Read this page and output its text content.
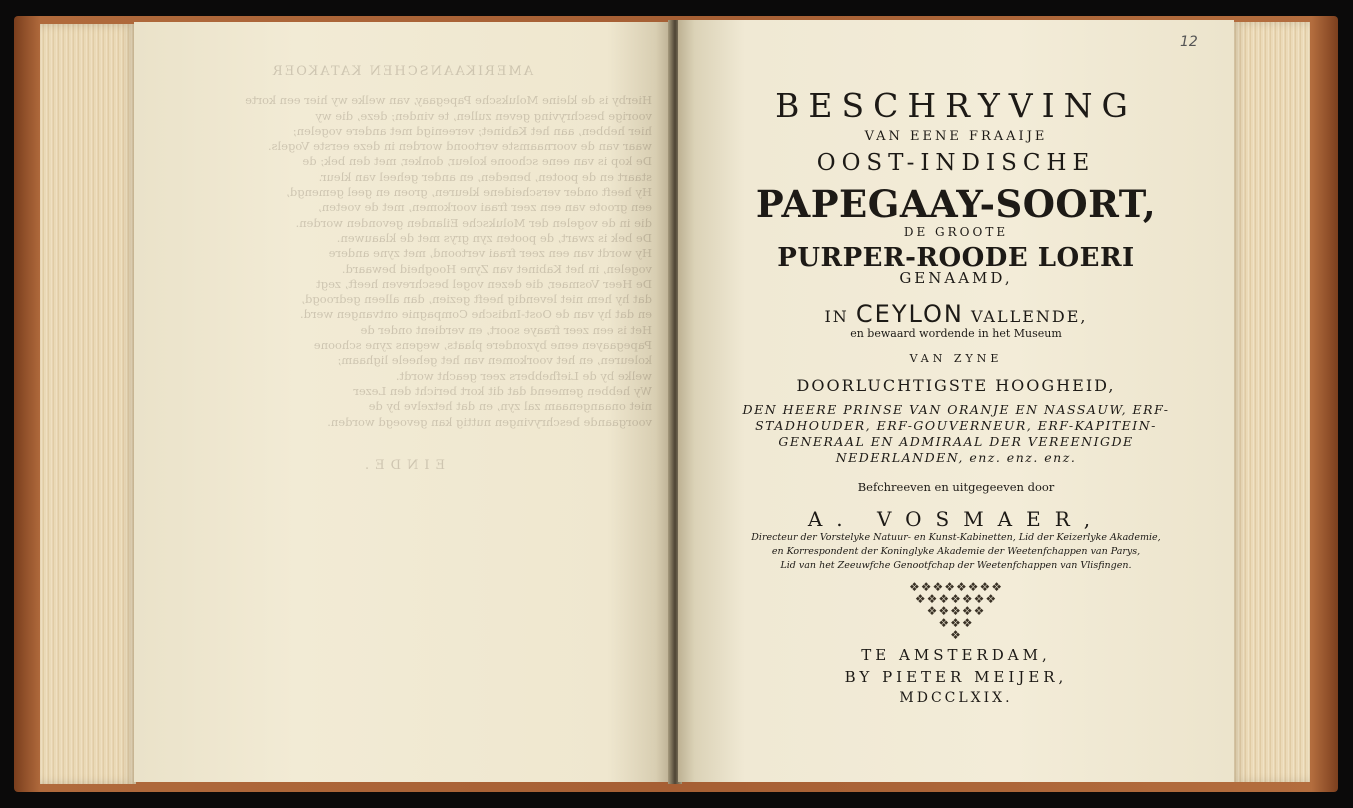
AMERIKAANSCHEN KATAKOER
Hierby is de kleine Moluksche Papegaay, van welke wy hier een korte
voorige beschryving geven zullen, te vinden; deze, die wy
hier hebben, aan het Kabinet; vereenigd met andere vogelen;
waar van de voornaamste vertoond worden in deze eerste Vogels.
De kop is van eene schoone koleur, donker, met den bek; de
staart en de pooten, beneden, en ander geheel van kleur.
Hy heeft onder verscheidene kleuren, groen en geel gemengd,
een groote van een zeer fraai voorkomen, met de voeten,
die in de vogelen der Moluksche Eilanden gevonden worden.
De bek is zwart, de pooten zyn grys met de klaauwen.
Hy wordt van een zeer fraai vertoond, met zyne andere
vogelen, in het Kabinet van Zyne Hoogheid bewaard.
De Heer Vosmaer, die dezen vogel beschreven heeft, zegt
dat hy hem niet levendig heeft gezien, dan alleen gedroogd,
en dat hy van de Oost-Indische Compagnie ontvangen werd.
Het is een zeer fraaye soort, en verdient onder de
Papegaayen eene byzondere plaats, wegens zyne schoone
koleuren, en het voorkomen van het geheele lighaam;
welke by de Liefhebbers zeer geacht wordt.
Wy hebben gemeend dat dit kort bericht den Lezer
niet onaangenaam zal zyn, en dat hetzelve by de
voorgaande beschryvingen nuttig kan gevoegd worden.
EINDE.
12
BESCHRYVING
VAN EENE FRAAIJE
OOST-INDISCHE
PAPEGAAY-SOORT,
DE GROOTE
PURPER-ROODE LOERI
GENAAMD,
IN CEYLON VALLENDE,
en bewaard wordende in het Museum
VAN ZYNE
DOORLUCHTIGSTE HOOGHEID,
DEN HEERE PRINSE VAN ORANJE EN NASSAUW, ERF-
STADHOUDER, ERF-GOUVERNEUR, ERF-KAPITEIN-
GENERAAL EN ADMIRAAL DER VEREENIGDE
NEDERLANDEN, enz. enz. enz.
Befchreeven en uitgegeeven door
A. VOSMAER,
Directeur der Vorstelyke Natuur- en Kunst-Kabinetten, Lid der Keizerlyke Akademie,
en Korrespondent der Koninglyke Akademie der Weetenfchappen van Parys,
Lid van het Zeeuwfche Genootfchap der Weetenfchappen van Vlisfingen.
❖❖❖❖❖❖❖❖
❖❖❖❖❖❖❖
❖❖❖❖❖
❖❖❖
❖
TE AMSTERDAM,
BY PIETER MEIJER,
MDCCLXIX.
